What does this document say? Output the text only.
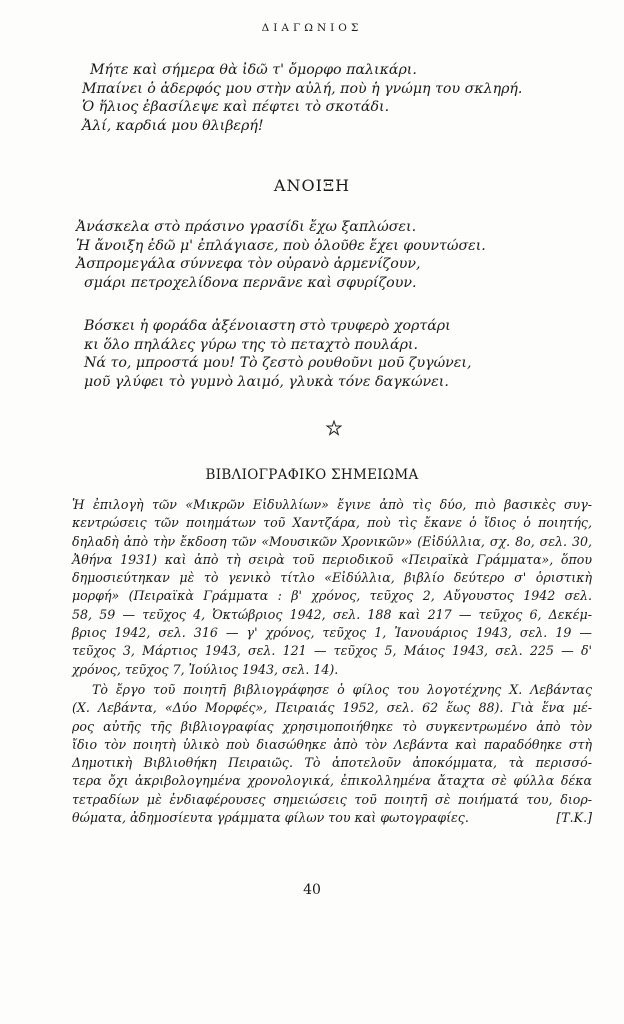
ΔΙΑΓΩΝΙΟΣ
Μήτε καὶ σήμερα θὰ ἰδῶ τ' ὄμορφο παλικάρι.
Μπαίνει ὁ ἀδερφός μου στὴν αὐλή, ποὺ ἡ γνώμη του σκληρή.
Ὁ ἥλιος ἐβασίλεψε καὶ πέφτει τὸ σκοτάδι.
Ἀλί, καρδιά μου θλιβερή!
ΑΝΟΙΞΗ
Ἀνάσκελα στὸ πράσινο γρασίδι ἔχω ξαπλώσει.
Ἡ ἄνοιξη ἐδῶ μ' ἐπλάγιασε, ποὺ ὁλοῦθε ἔχει φουντώσει.
Ἀσπρομεγάλα σύννεφα τὸν οὐρανὸ ἀρμενίζουν,
σμάρι πετροχελίδονα περνᾶνε καὶ σφυρίζουν.
Βόσκει ἡ φοράδα ἀξένοιαστη στὸ τρυφερὸ χορτάρι
κι ὅλο πηλάλες γύρω της τὸ πεταχτὸ πουλάρι.
Νά το, μπροστά μου! Τὸ ζεστὸ ρουθοῦνι μοῦ ζυγώνει,
μοῦ γλύφει τὸ γυμνὸ λαιμό, γλυκὰ τόνε δαγκώνει.
ΒΙΒΛΙΟΓΡΑΦΙΚΟ ΣΗΜΕΙΩΜΑ
Ἡ ἐπιλογὴ τῶν «Μικρῶν Εἰδυλλίων» ἔγινε ἀπὸ τὶς δύο, πιὸ βασικὲς συγ-
κεντρώσεις τῶν ποιημάτων τοῦ Χαντζάρα, ποὺ τὶς ἔκανε ὁ ἴδιος ὁ ποιητής,
δηλαδὴ ἀπὸ τὴν ἔκδοση τῶν «Μουσικῶν Χρονικῶν» (Εἰδύλλια, σχ. 8ο, σελ. 30,
Ἀθήνα 1931) καὶ ἀπὸ τὴ σειρὰ τοῦ περιοδικοῦ «Πειραϊκὰ Γράμματα», ὅπου
δημοσιεύτηκαν μὲ τὸ γενικὸ τίτλο «Εἰδύλλια, βιβλίο δεύτερο σ' ὁριστικὴ
μορφή» (Πειραϊκὰ Γράμματα : β' χρόνος, τεῦχος 2, Αὔγουστος 1942 σελ.
58, 59 — τεῦχος 4, Ὀκτώβριος 1942, σελ. 188 καὶ 217 — τεῦχος 6, Δεκέμ-
βριος 1942, σελ. 316 — γ' χρόνος, τεῦχος 1, Ἰανουάριος 1943, σελ. 19 —
τεῦχος 3, Μάρτιος 1943, σελ. 121 — τεῦχος 5, Μάιος 1943, σελ. 225 — δ'
χρόνος, τεῦχος 7, Ἰούλιος 1943, σελ. 14).
Τὸ ἔργο τοῦ ποιητῆ βιβλιογράφησε ὁ φίλος του λογοτέχνης Χ. Λεβάντας
(Χ. Λεβάντα, «Δύο Μορφές», Πειραιάς 1952, σελ. 62 ἕως 88). Γιὰ ἕνα μέ-
ρος αὐτῆς τῆς βιβλιογραφίας χρησιμοποιήθηκε τὸ συγκεντρωμένο ἀπὸ τὸν
ἴδιο τὸν ποιητὴ ὑλικὸ ποὺ διασώθηκε ἀπὸ τὸν Λεβάντα καὶ παραδόθηκε στὴ
Δημοτικὴ Βιβλιοθήκη Πειραιῶς. Τὸ ἀποτελοῦν ἀποκόμματα, τὰ περισσό-
τερα ὄχι ἀκριβολογημένα χρονολογικά, ἐπικολλημένα ἄταχτα σὲ φύλλα δέκα
τετραδίων μὲ ἐνδιαφέρουσες σημειώσεις τοῦ ποιητῆ σὲ ποιήματά του, διορ-
θώματα, ἀδημοσίευτα γράμματα φίλων του καὶ φωτογραφίες.	[Τ.Κ.]
40
